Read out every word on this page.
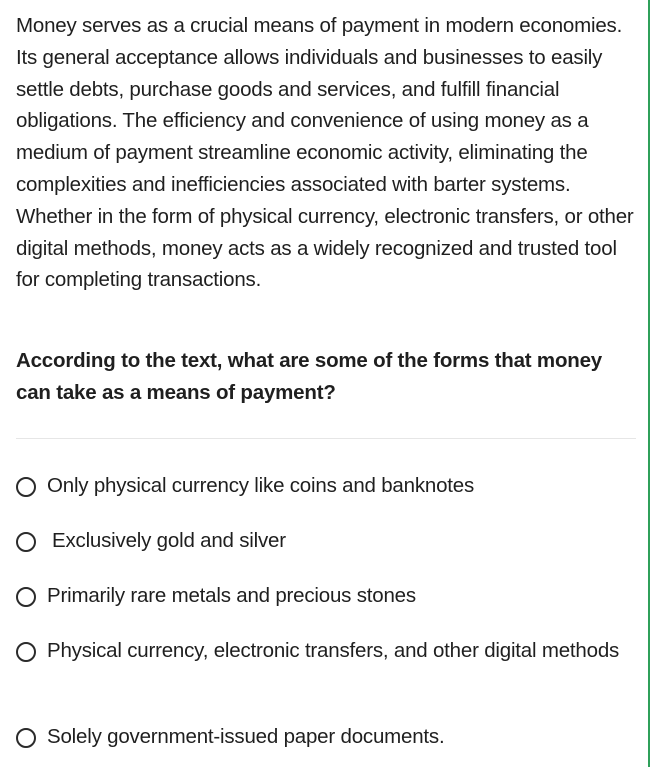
Money serves as a crucial means of payment in modern economies. Its general acceptance allows individuals and businesses to easily settle debts, purchase goods and services, and fulfill financial obligations. The efficiency and convenience of using money as a medium of payment streamline economic activity, eliminating the complexities and inefficiencies associated with barter systems. Whether in the form of physical currency, electronic transfers, or other digital methods, money acts as a widely recognized and trusted tool for completing transactions.

According to the text, what are some of the forms that money can take as a means of payment?

Only physical currency like coins and banknotes
Exclusively gold and silver
Primarily rare metals and precious stones
Physical currency, electronic transfers, and other digital methods
Solely government-issued paper documents.
